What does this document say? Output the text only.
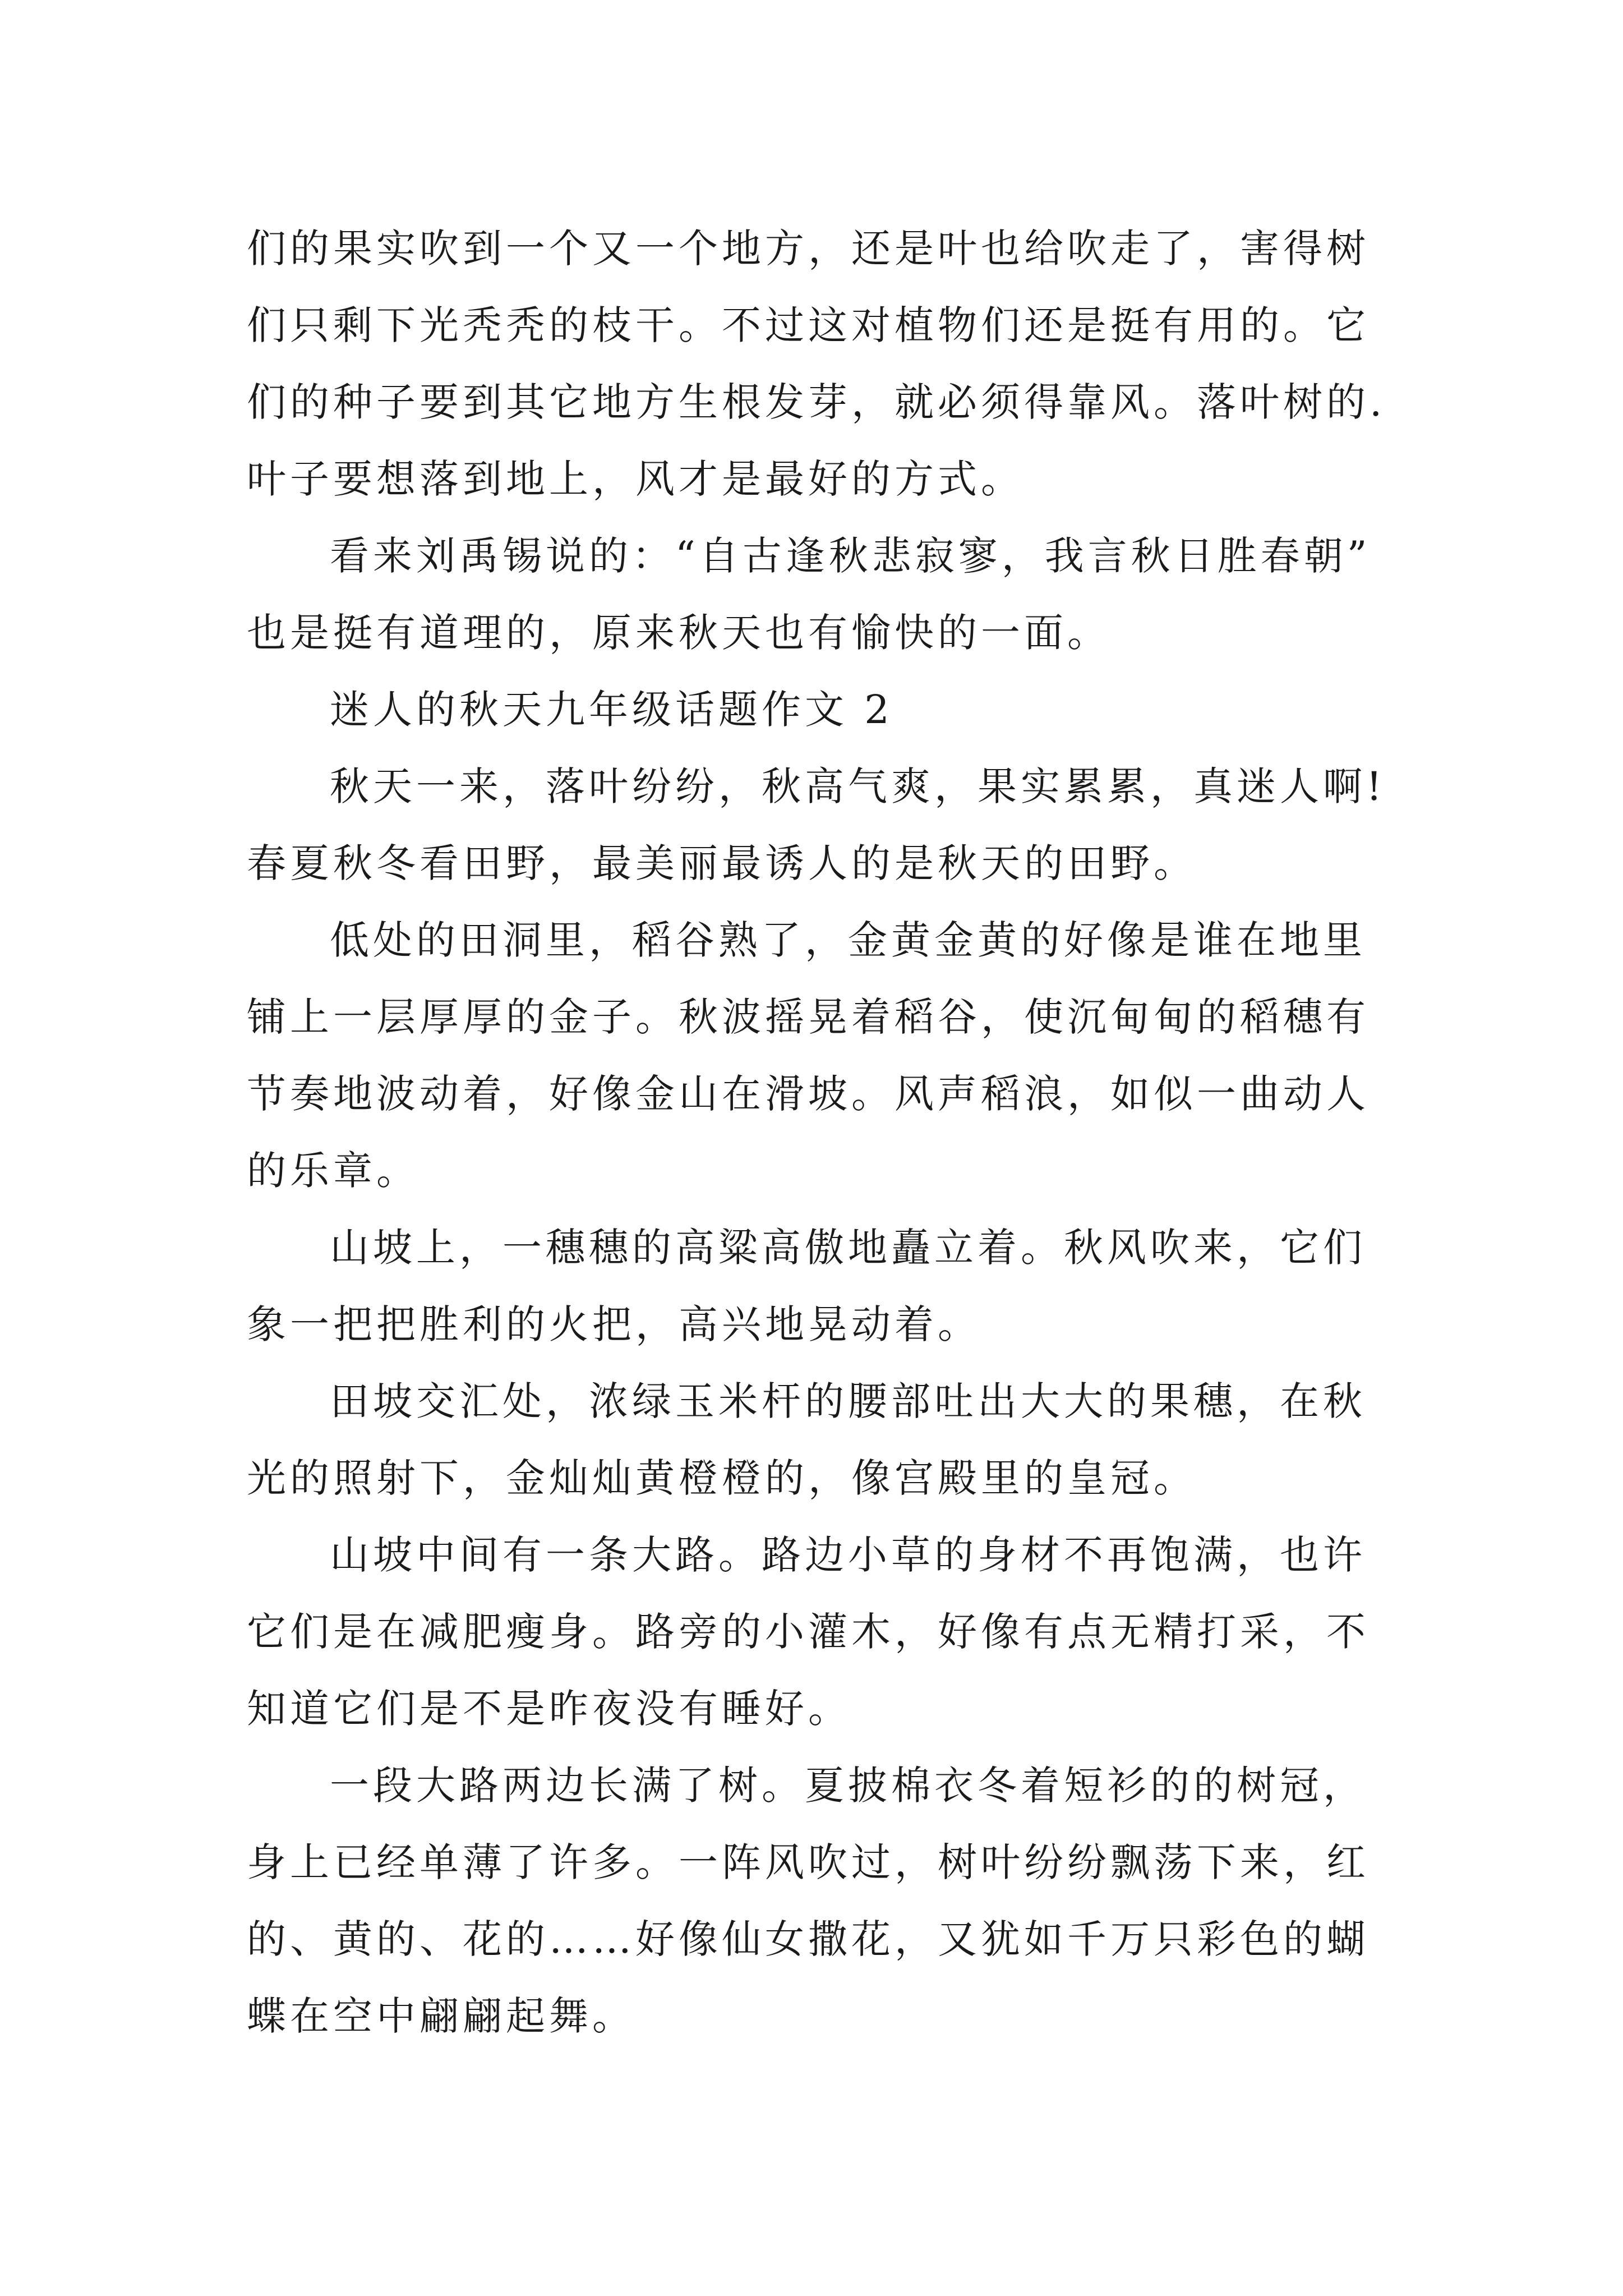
们的果实吹到一个又一个地方，还是叶也给吹走了，害得树
们只剩下光秃秃的枝干。不过这对植物们还是挺有用的。它
们的种子要到其它地方生根发芽，就必须得靠风。落叶树的.
叶子要想落到地上，风才是最好的方式。
看来刘禹锡说的：“自古逢秋悲寂寥，我言秋日胜春朝”
也是挺有道理的，原来秋天也有愉快的一面。
迷人的秋天九年级话题作文 2
秋天一来，落叶纷纷，秋高气爽，果实累累，真迷人啊!
春夏秋冬看田野，最美丽最诱人的是秋天的田野。
低处的田洞里，稻谷熟了，金黄金黄的好像是谁在地里
铺上一层厚厚的金子。秋波摇晃着稻谷，使沉甸甸的稻穗有
节奏地波动着，好像金山在滑坡。风声稻浪，如似一曲动人
的乐章。
山坡上，一穗穗的高粱高傲地矗立着。秋风吹来，它们
象一把把胜利的火把，高兴地晃动着。
田坡交汇处，浓绿玉米杆的腰部吐出大大的果穗，在秋
光的照射下，金灿灿黄橙橙的，像宫殿里的皇冠。
山坡中间有一条大路。路边小草的身材不再饱满，也许
它们是在减肥瘦身。路旁的小灌木，好像有点无精打采，不
知道它们是不是昨夜没有睡好。
一段大路两边长满了树。夏披棉衣冬着短衫的的树冠，
身上已经单薄了许多。一阵风吹过，树叶纷纷飘荡下来，红
的、黄的、花的……好像仙女撒花，又犹如千万只彩色的蝴
蝶在空中翩翩起舞。
